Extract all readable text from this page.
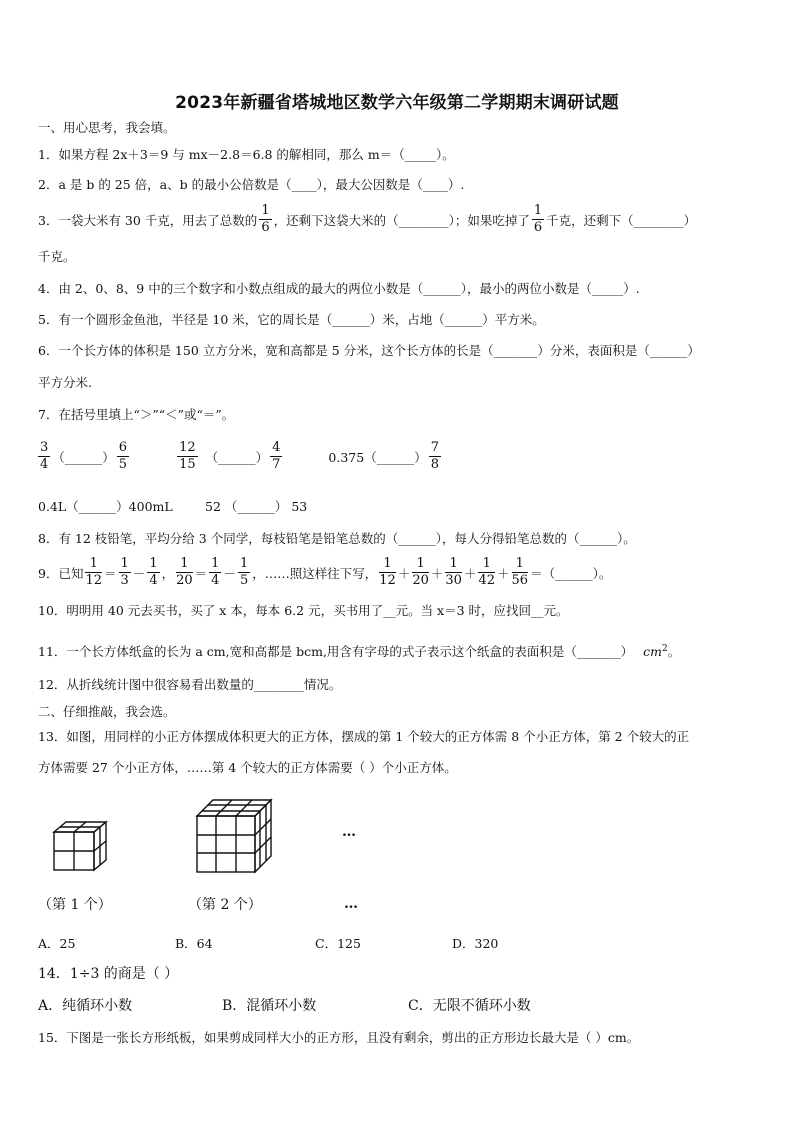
2023年新疆省塔城地区数学六年级第二学期期末调研试题
一、用心思考，我会填。
1．如果方程 2x＋3＝9 与 mx－2.8＝6.8 的解相同，那么 m＝（_____）。
2．a 是 b 的 25 倍，a、b 的最小公倍数是（____），最大公因数是（____）.
3．一袋大米有 30 千克，用去了总数的 $\frac{1}{6}$ ，还剩下这袋大米的（________）；如果吃掉了 $\frac{1}{6}$ 千克，还剩下（________）
千克。
4．由 2、0、8、9 中的三个数字和小数点组成的最大的两位小数是（______），最小的两位小数是（_____）.
5．有一个圆形金鱼池，半径是 10 米，它的周长是（______）米，占地（______）平方米。
6．一个长方体的体积是 150 立方分米，宽和高都是 5 分米，这个长方体的长是（_______）分米，表面积是（______）
平方分米.
7．在括号里填上“＞”“＜”或“＝”。
$\frac{3}{4}$ （______） $\frac{6}{5}$	$\frac{12}{15}$ （______） $\frac{4}{7}$	0.375（______） $\frac{7}{8}$
0.4L（______）400mL	52 （______） 53
8．有 12 枝铅笔，平均分给 3 个同学，每枝铅笔是铅笔总数的（______），每人分得铅笔总数的（______）。
9．已知 $\frac{1}{12} = \frac{1}{3} - \frac{1}{4}$ ， $\frac{1}{20} = \frac{1}{4} - \frac{1}{5}$ ，……照这样往下写， $\frac{1}{12} + \frac{1}{20} + \frac{1}{30} + \frac{1}{42} + \frac{1}{56}$ ＝（______）。
10．明明用 40 元去买书，买了 x 本，每本 6.2 元，买书用了__元。当 x＝3 时，应找回__元。
11．一个长方体纸盒的长为 a cm,宽和高都是 bcm,用含有字母的式子表示这个纸盒的表面积是（_______） $cm^2$。
12．从折线统计图中很容易看出数量的________情况。
二、仔细推敲，我会选。
13．如图，用同样的小正方体摆成体积更大的正方体，摆成的第 1 个较大的正方体需 8 个小正方体，第 2 个较大的正
方体需要 27 个小正方体，……第 4 个较大的正方体需要（ ）个小正方体。
（第 1 个）	（第 2 个）
…
…
A．25	B．64	C．125	D．320
14．1÷3 的商是（ ）
A．纯循环小数	B．混循环小数	C．无限不循环小数
15．下图是一张长方形纸板，如果剪成同样大小的正方形，且没有剩余，剪出的正方形边长最大是（ ）cm。
